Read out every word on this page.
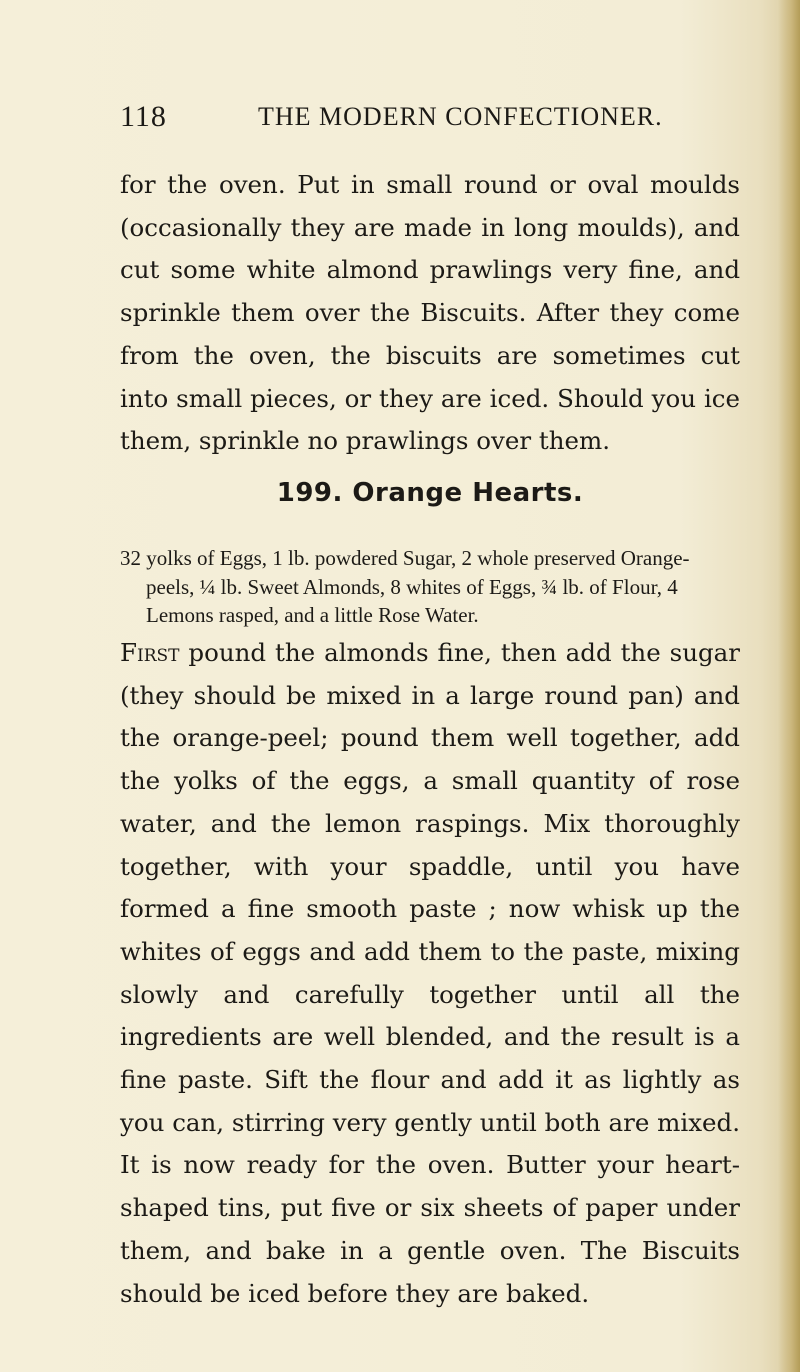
118	THE MODERN CONFECTIONER.
for the oven. Put in small round or oval moulds (occasionally they are made in long moulds), and cut some white almond prawlings very fine, and sprinkle them over the Biscuits. After they come from the oven, the biscuits are sometimes cut into small pieces, or they are iced. Should you ice them, sprinkle no prawlings over them.
199. Orange Hearts.
32 yolks of Eggs, 1 lb. powdered Sugar, 2 whole preserved Orange-

peels, ¼ lb. Sweet Almonds, 8 whites of Eggs, ¾ lb. of Flour, 4
Lemons rasped, and a little Rose Water.
First pound the almonds fine, then add the sugar (they should be mixed in a large round pan) and the orange-peel; pound them well together, add the yolks of the eggs, a small quantity of rose water, and the lemon raspings. Mix thoroughly together, with your spaddle, until you have formed a fine smooth paste ; now whisk up the whites of eggs and add them to the paste, mixing slowly and carefully together until all the ingredients are well blended, and the result is a fine paste. Sift the flour and add it as lightly as you can, stirring very gently until both are mixed. It is now ready for the oven. Butter your heart-shaped tins, put five or six sheets of paper under them, and bake in a gentle oven. The Biscuits should be iced before they are baked.
